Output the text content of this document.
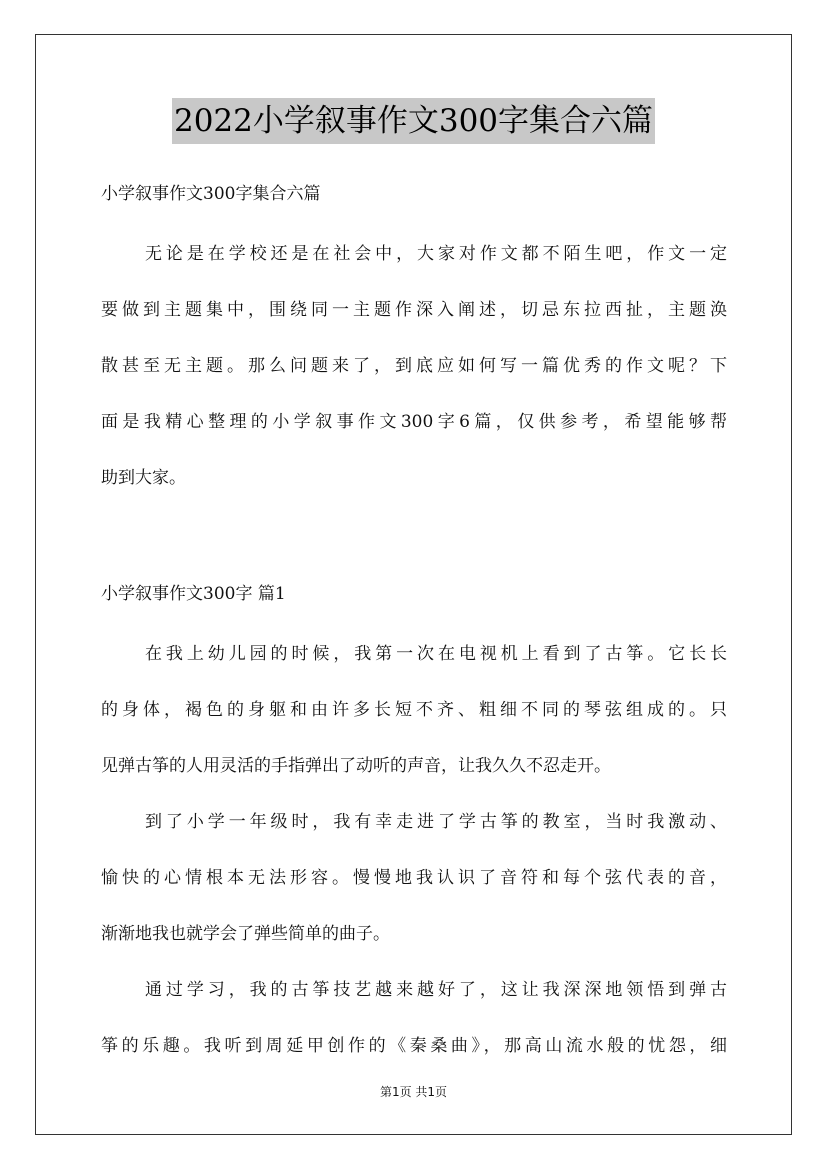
2022小学叙事作文300字集合六篇

小学叙事作文300字集合六篇

无论是在学校还是在社会中，大家对作文都不陌生吧，作文一定
要做到主题集中，围绕同一主题作深入阐述，切忌东拉西扯，主题涣
散甚至无主题。那么问题来了，到底应如何写一篇优秀的作文呢？下
面是我精心整理的小学叙事作文300字6篇，仅供参考，希望能够帮
助到大家。

小学叙事作文300字 篇1

在我上幼儿园的时候，我第一次在电视机上看到了古筝。它长长
的身体，褐色的身躯和由许多长短不齐、粗细不同的琴弦组成的。只
见弹古筝的人用灵活的手指弹出了动听的声音，让我久久不忍走开。

到了小学一年级时，我有幸走进了学古筝的教室，当时我激动、
愉快的心情根本无法形容。慢慢地我认识了音符和每个弦代表的音，
渐渐地我也就学会了弹些简单的曲子。

通过学习，我的古筝技艺越来越好了，这让我深深地领悟到弹古
筝的乐趣。我听到周延甲创作的《秦桑曲》，那高山流水般的忧怨，细

第1页 共1页
